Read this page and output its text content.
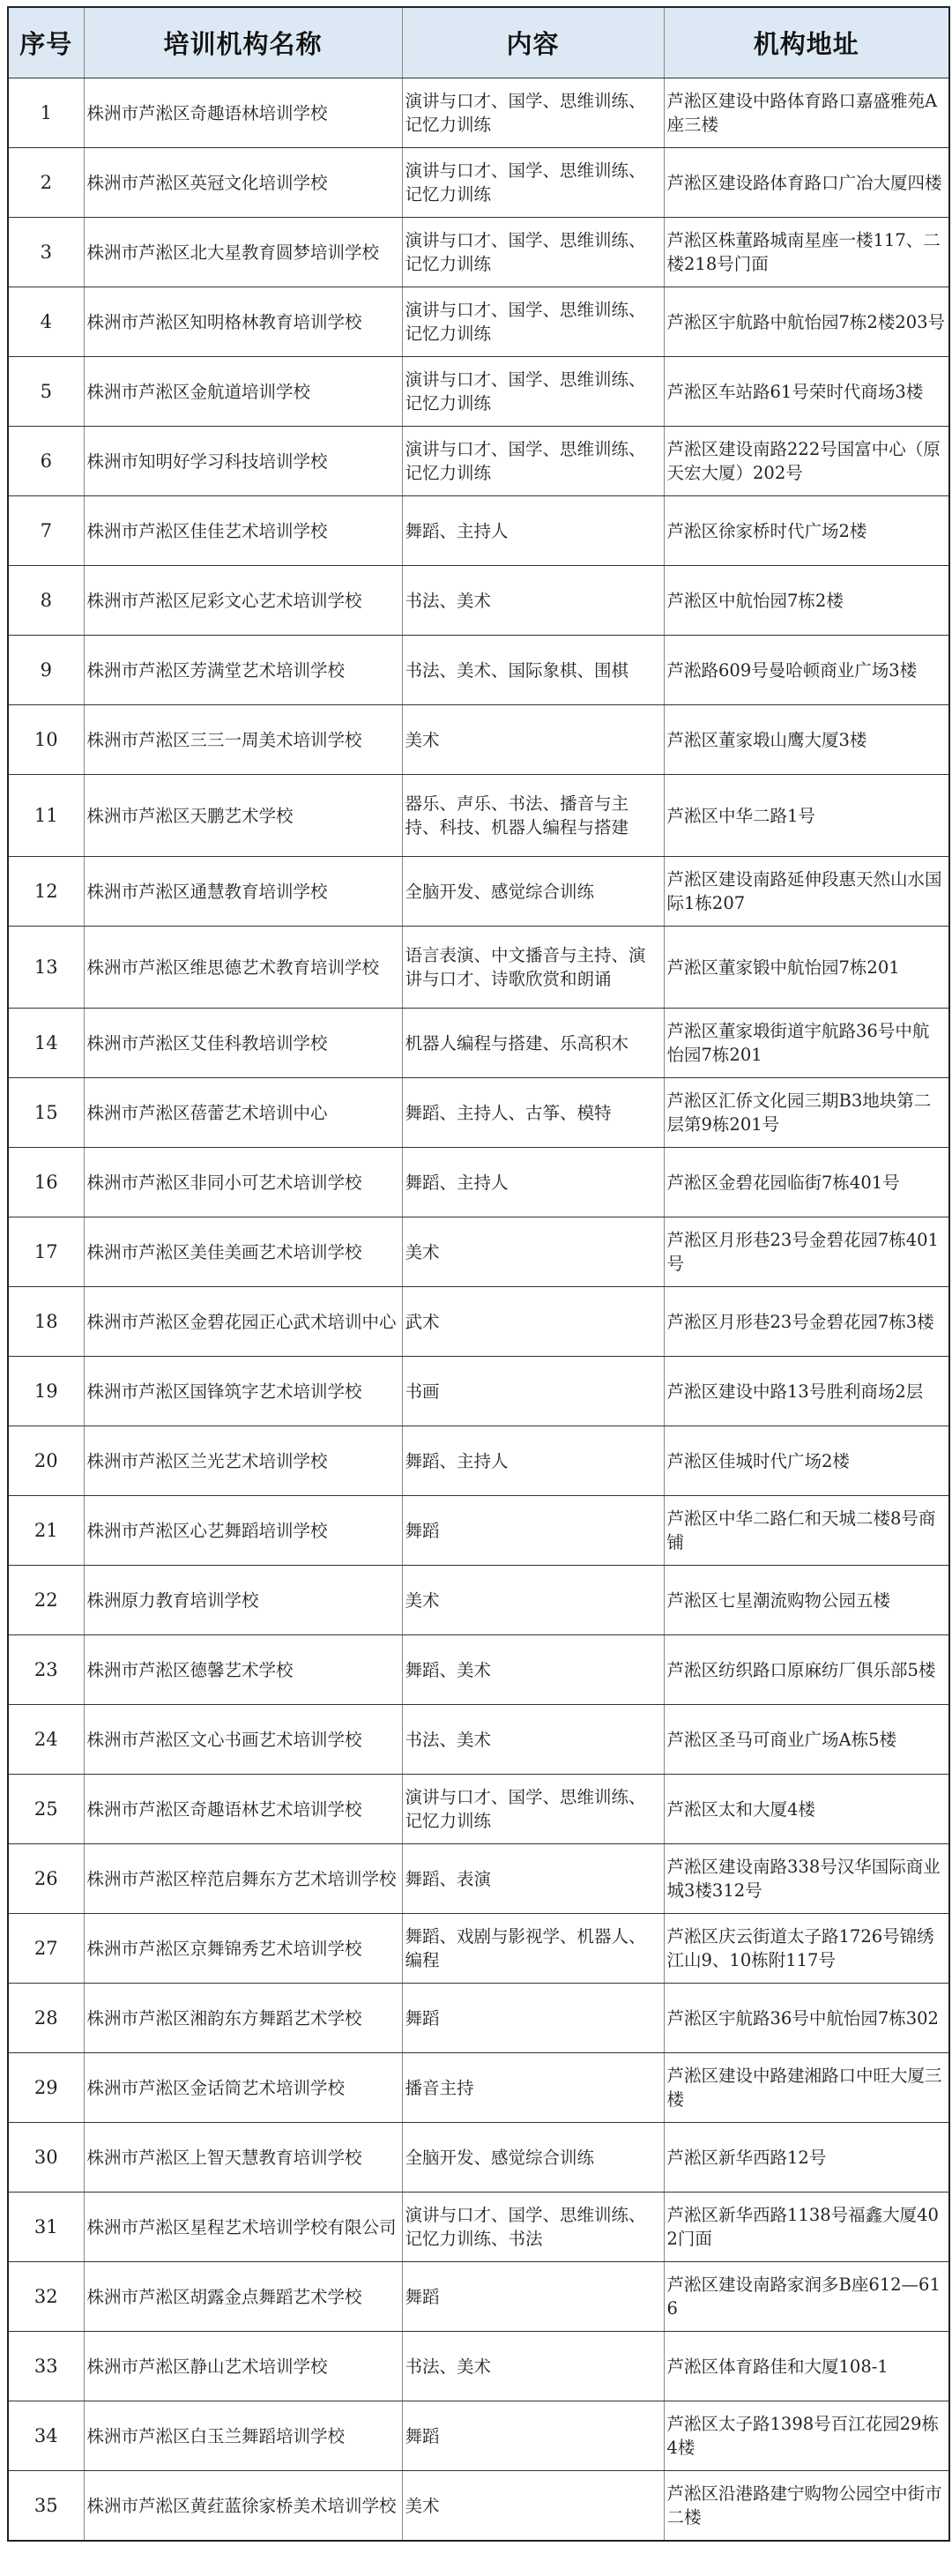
序号	培训机构名称	内容	机构地址
1	株洲市芦淞区奇趣语林培训学校	演讲与口才、国学、思维训练、记忆力训练	芦淞区建设中路体育路口嘉盛雅苑A座三楼
2	株洲市芦淞区英冠文化培训学校	演讲与口才、国学、思维训练、记忆力训练	芦淞区建设路体育路口广冶大厦四楼
3	株洲市芦淞区北大星教育圆梦培训学校	演讲与口才、国学、思维训练、记忆力训练	芦淞区株董路城南星座一楼117、二楼218号门面
4	株洲市芦淞区知明格林教育培训学校	演讲与口才、国学、思维训练、记忆力训练	芦淞区宇航路中航怡园7栋2楼203号
5	株洲市芦淞区金航道培训学校	演讲与口才、国学、思维训练、记忆力训练	芦淞区车站路61号荣时代商场3楼
6	株洲市知明好学习科技培训学校	演讲与口才、国学、思维训练、记忆力训练	芦淞区建设南路222号国富中心（原天宏大厦）202号
7	株洲市芦淞区佳佳艺术培训学校	舞蹈、主持人	芦淞区徐家桥时代广场2楼
8	株洲市芦淞区尼彩文心艺术培训学校	书法、美术	芦淞区中航怡园7栋2楼
9	株洲市芦淞区芳满堂艺术培训学校	书法、美术、国际象棋、围棋	芦淞路609号曼哈顿商业广场3楼
10	株洲市芦淞区三三一周美术培训学校	美术	芦淞区董家塅山鹰大厦3楼
11	株洲市芦淞区天鹏艺术学校	器乐、声乐、书法、播音与主持、科技、机器人编程与搭建	芦淞区中华二路1号
12	株洲市芦淞区通慧教育培训学校	全脑开发、感觉综合训练	芦淞区建设南路延伸段惠天然山水国际1栋207
13	株洲市芦淞区维思德艺术教育培训学校	语言表演、中文播音与主持、演讲与口才、诗歌欣赏和朗诵	芦淞区董家锻中航怡园7栋201
14	株洲市芦淞区艾佳科教培训学校	机器人编程与搭建、乐高积木	芦淞区董家塅街道宇航路36号中航怡园7栋201
15	株洲市芦淞区蓓蕾艺术培训中心	舞蹈、主持人、古筝、模特	芦淞区汇侨文化园三期B3地块第二层第9栋201号
16	株洲市芦淞区非同小可艺术培训学校	舞蹈、主持人	芦淞区金碧花园临街7栋401号
17	株洲市芦淞区美佳美画艺术培训学校	美术	芦淞区月形巷23号金碧花园7栋401号
18	株洲市芦淞区金碧花园正心武术培训中心	武术	芦淞区月形巷23号金碧花园7栋3楼
19	株洲市芦淞区国锋筑字艺术培训学校	书画	芦淞区建设中路13号胜利商场2层
20	株洲市芦淞区兰光艺术培训学校	舞蹈、主持人	芦淞区佳城时代广场2楼
21	株洲市芦淞区心艺舞蹈培训学校	舞蹈	芦淞区中华二路仁和天城二楼8号商铺
22	株洲原力教育培训学校	美术	芦淞区七星潮流购物公园五楼
23	株洲市芦淞区德馨艺术学校	舞蹈、美术	芦淞区纺织路口原麻纺厂俱乐部5楼
24	株洲市芦淞区文心书画艺术培训学校	书法、美术	芦淞区圣马可商业广场A栋5楼
25	株洲市芦淞区奇趣语林艺术培训学校	演讲与口才、国学、思维训练、记忆力训练	芦淞区太和大厦4楼
26	株洲市芦淞区梓范启舞东方艺术培训学校	舞蹈、表演	芦淞区建设南路338号汉华国际商业城3楼312号
27	株洲市芦淞区京舞锦秀艺术培训学校	舞蹈、戏剧与影视学、机器人、编程	芦淞区庆云街道太子路1726号锦绣江山9、10栋附117号
28	株洲市芦淞区湘韵东方舞蹈艺术学校	舞蹈	芦淞区宇航路36号中航怡园7栋302
29	株洲市芦淞区金话筒艺术培训学校	播音主持	芦淞区建设中路建湘路口中旺大厦三楼
30	株洲市芦淞区上智天慧教育培训学校	全脑开发、感觉综合训练	芦淞区新华西路12号
31	株洲市芦淞区星程艺术培训学校有限公司	演讲与口才、国学、思维训练、记忆力训练、书法	芦淞区新华西路1138号福鑫大厦402门面
32	株洲市芦淞区胡露金点舞蹈艺术学校	舞蹈	芦淞区建设南路家润多B座612—616
33	株洲市芦淞区静山艺术培训学校	书法、美术	芦淞区体育路佳和大厦108-1
34	株洲市芦淞区白玉兰舞蹈培训学校	舞蹈	芦淞区太子路1398号百江花园29栋4楼
35	株洲市芦淞区黄荭蓝徐家桥美术培训学校	美术	芦淞区沿港路建宁购物公园空中街市二楼
